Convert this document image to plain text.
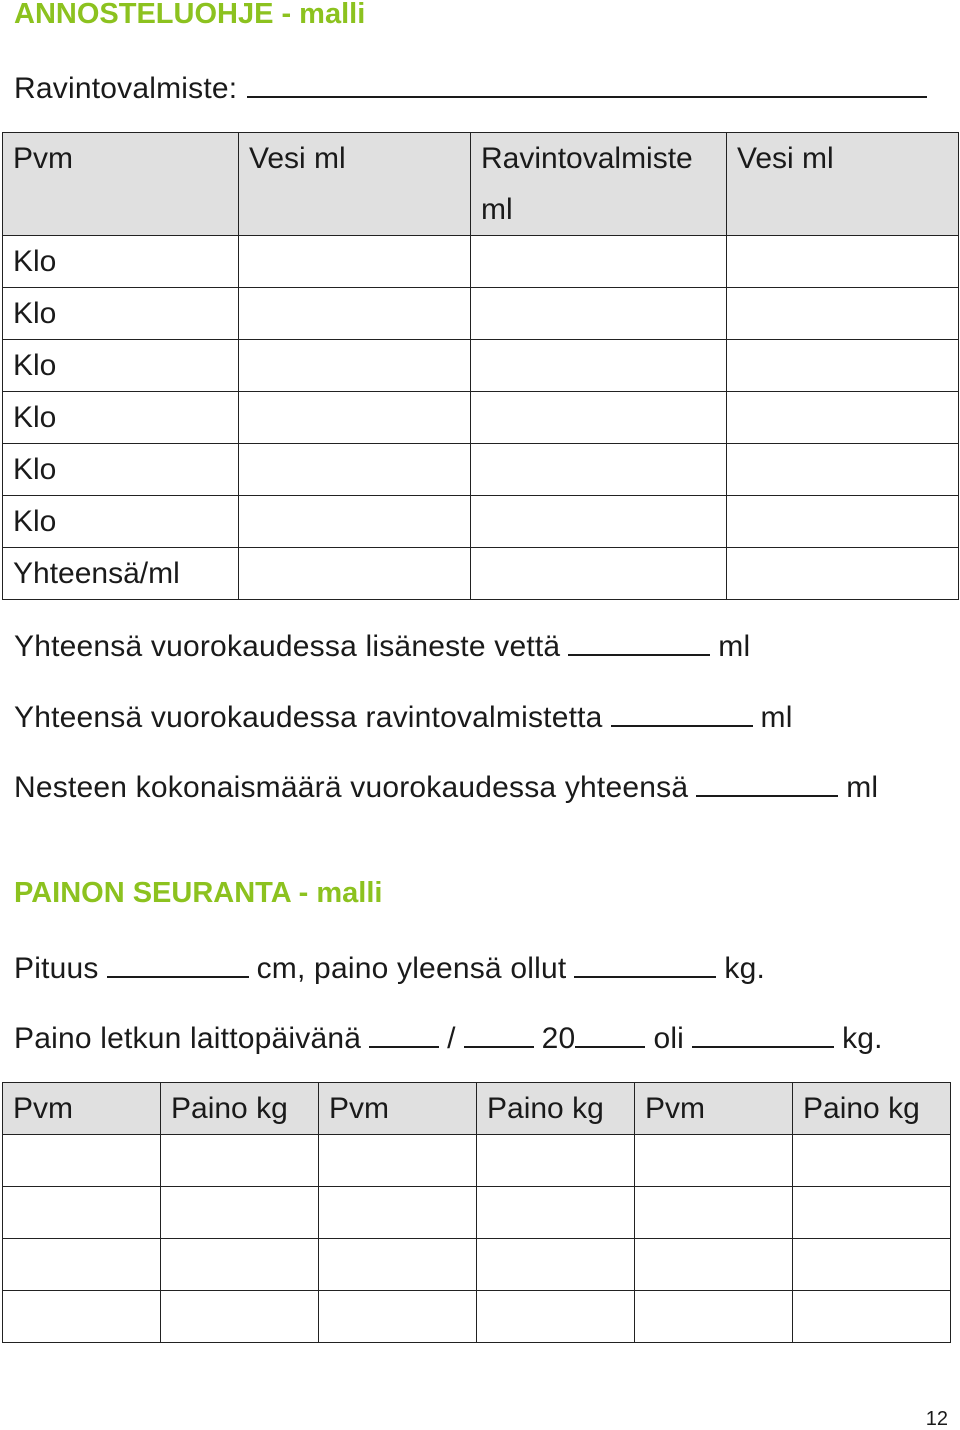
ANNOSTELUOHJE - malli
Ravintovalmiste:
Pvm	Vesi ml	Ravintovalmiste ml	Vesi ml
Klo			
Klo			
Klo			
Klo			
Klo			
Klo			
Yhteensä/ml			
Yhteensä vuorokaudessa lisäneste vettä	ml
Yhteensä vuorokaudessa ravintovalmistetta	ml
Nesteen kokonaismäärä vuorokaudessa yhteensä	ml
PAINON SEURANTA - malli
Pituus	cm, paino yleensä ollut	kg.
Paino letkun laittopäivänä	/	20	oli	kg.
Pvm	Paino kg	Pvm	Paino kg	Pvm	Paino kg

12
